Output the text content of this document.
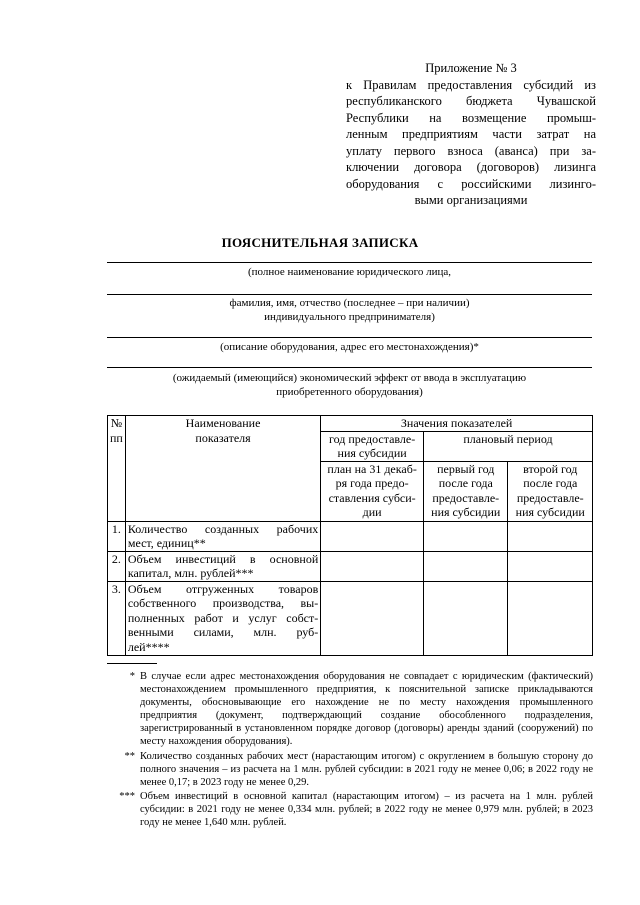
Приложение № 3
к Правилам предоставления субсидий из
республиканского бюджета Чувашской
Республики на возмещение промыш-
ленным предприятиям части затрат на
уплату первого взноса (аванса) при за-
ключении договора (договоров) лизинга
оборудования с российскими лизинго-
выми организациями
ПОЯСНИТЕЛЬНАЯ ЗАПИСКА
(полное наименование юридического лица,
фамилия, имя, отчество (последнее – при наличии)
индивидуального предпринимателя)
(описание оборудования, адрес его местонахождения)*
(ожидаемый (имеющийся) экономический эффект от ввода в эксплуатацию
приобретенного оборудования)
№ пп	Наименование показателя	Значения показателей		
		год предоставле-ния субсидии	плановый период	
		план на 31 декаб-ря года предо-ставления субси-дии	первый год после года предоставле-ния субсидии	второй год после года предоставле-ния субсидии
1.	Количество созданных рабочих
мест, единиц**			

2.	Объем инвестиций в основной
капитал, млн. рублей***			

3.	Объем отгруженных товаров
собственного производства, вы-
полненных работ и услуг собст-
венными силами, млн. руб-
лей****			

* В случае если адрес местонахождения оборудования не совпадает с юридическим (фактический) местонахождением промышленного предприятия, к пояснительной записке прикладываются документы, обосновывающие его нахождение не по месту нахождения промышленного предприятия (документ, подтверждающий создание обособленного подразделения, зарегистрированный в установленном порядке договор (договоры) аренды зданий (сооружений) по месту нахождения оборудования).
** Количество созданных рабочих мест (нарастающим итогом) с округлением в большую сторону до полного значения – из расчета на 1 млн. рублей субсидии: в 2021 году не менее 0,06; в 2022 году не менее 0,17; в 2023 году не менее 0,29.
*** Объем инвестиций в основной капитал (нарастающим итогом) – из расчета на 1 млн. рублей субсидии: в 2021 году не менее 0,334 млн. рублей; в 2022 году не менее 0,979 млн. рублей; в 2023 году не менее 1,640 млн. рублей.
